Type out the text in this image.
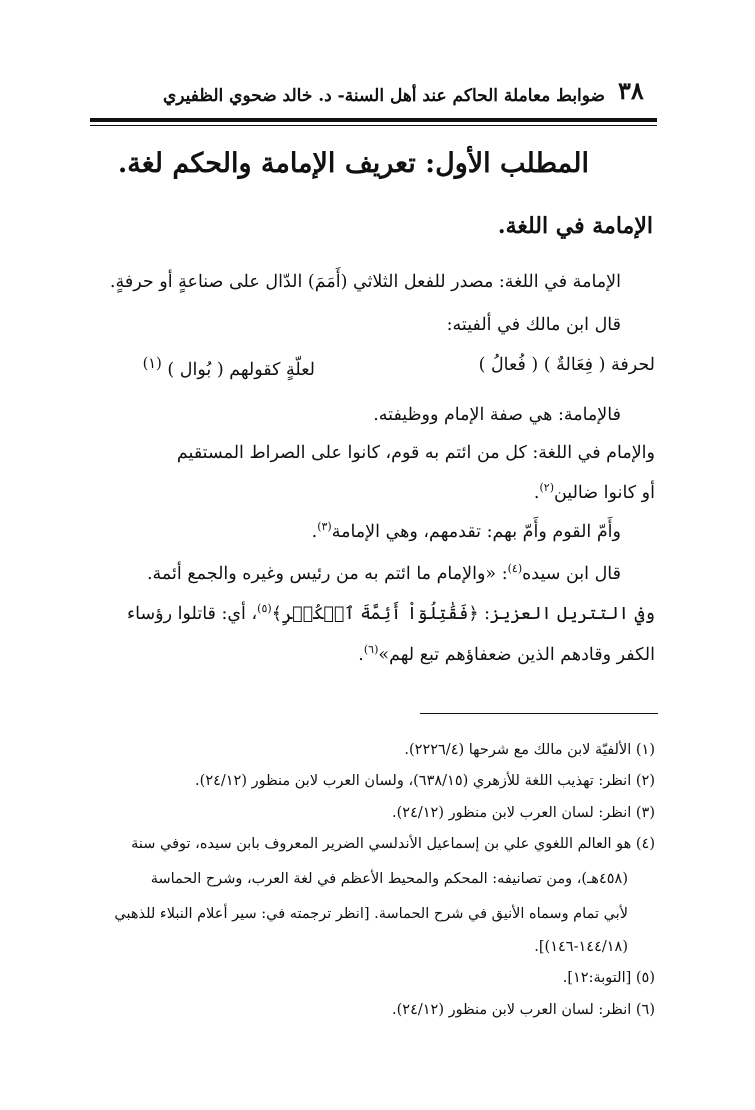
٣٨
ضوابط معاملة الحاكم عند أهل السنة- د. خالد ضحوي الظفيري
المطلب الأول: تعريف الإمامة والحكم لغة.
الإمامة في اللغة.
الإمامة في اللغة: مصدر للفعل الثلاثي (أَمَمَ) الدّال على صناعةٍ أو حرفةٍ.
قال ابن مالك في ألفيته:
لحرفة ( فِعَالةٌ ) ( فُعالُ )
لعلّةٍ كقولهم ( بُوال ) $^{(١)}$
فالإمامة: هي صفة الإمام ووظيفته.
والإمام في اللغة: كل من ائتم به قوم، كانوا على الصراط المستقيم
أو كانوا ضالين$^{(٢)}$.
وأَمّ القوم وأَمّ بهم: تقدمهم، وهي الإمامة$^{(٣)}$.
قال ابن سيده$^{(٤)}$: «والإمام ما ائتم به من رئيس وغيره والجمع أئمة.
وفي التتريل العزيز: ﴿فَقَٰتِلُوٓاْ أَئِمَّةَ ٱلۡكُفۡرِ﴾$^{(٥)}$، أي: قاتلوا رؤساء
الكفر وقادهم الذين ضعفاؤهم تبع لهم»$^{(٦)}$.
(١) الألفيّة لابن مالك مع شرحها (٢٢٢٦/٤).
(٢) انظر: تهذيب اللغة للأزهري (٦٣٨/١٥)، ولسان العرب لابن منظور (٢٤/١٢).
(٣) انظر: لسان العرب لابن منظور (٢٤/١٢).
(٤) هو العالم اللغوي علي بن إسماعيل الأندلسي الضرير المعروف بابن سيده، توفي سنة
(٤٥٨هـ)، ومن تصانيفه: المحكم والمحيط الأعظم في لغة العرب، وشرح الحماسة
لأبي تمام وسماه الأنيق في شرح الحماسة. [انظر ترجمته في: سير أعلام النبلاء للذهبي
(١٤٤/١٨-١٤٦)].
(٥) [التوبة:١٢].
(٦) انظر: لسان العرب لابن منظور (٢٤/١٢).
